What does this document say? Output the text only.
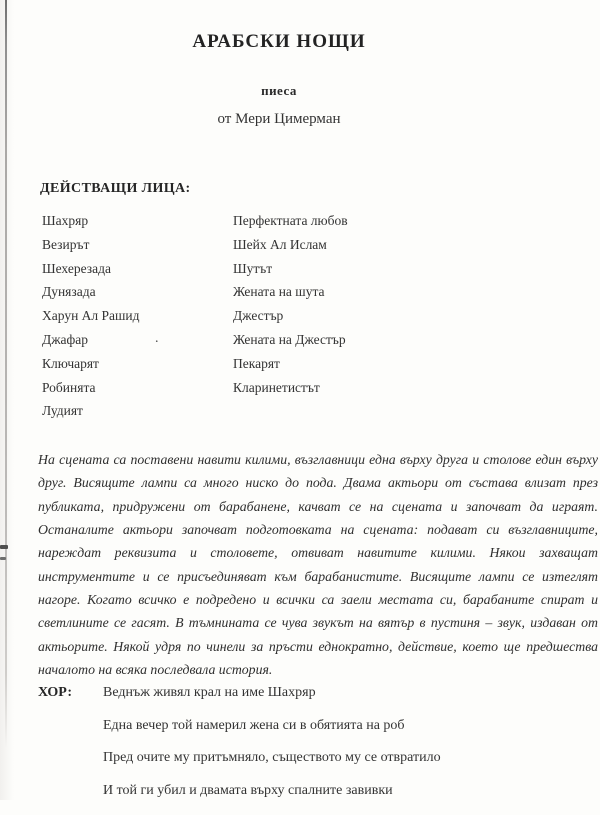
.
АРАБСКИ НОЩИ
пиеса
от Мери Цимерман
ДЕЙСТВАЩИ ЛИЦА:
Шахряр	Перфектната любов
Везирът	Шейх Ал Ислам
Шехерезада	Шутът
Дунязада	Жената на шута
Харун Ал Рашид	Джестър
Джафар	Жената на Джестър
Ключарят	Пекарят
Робинята	Кларинетистът
Лудият
На сцената са поставени навити килими, възглавници една върху друга и столове един върху друг. Висящите лампи са много ниско до пода. Двама актьори от състава влизат през публиката, придружени от барабанене, качват се на сцената и започват да играят. Останалите актьори започват подготовката на сцената: подават си възглавниците, нареждат реквизита и столовете, отвиват навитите килими. Някои захващат инструментите и се присъединяват към барабанистите. Висящите лампи се изтеглят нагоре. Когато всичко е подредено и всички са заели местата си, барабаните спират и светлините се гасят. В тъмнината се чува звукът на вятър в пустиня – звук, издаван от актьорите. Някой удря по чинели за пръсти еднократно, действие, което ще предшества началото на всяка последвала история.
ХОР:	Веднъж живял крал на име Шахряр
Една вечер той намерил жена си в обятията на роб
Пред очите му притъмняло, съществото му се отвратило
И той ги убил и двамата върху спалните завивки
